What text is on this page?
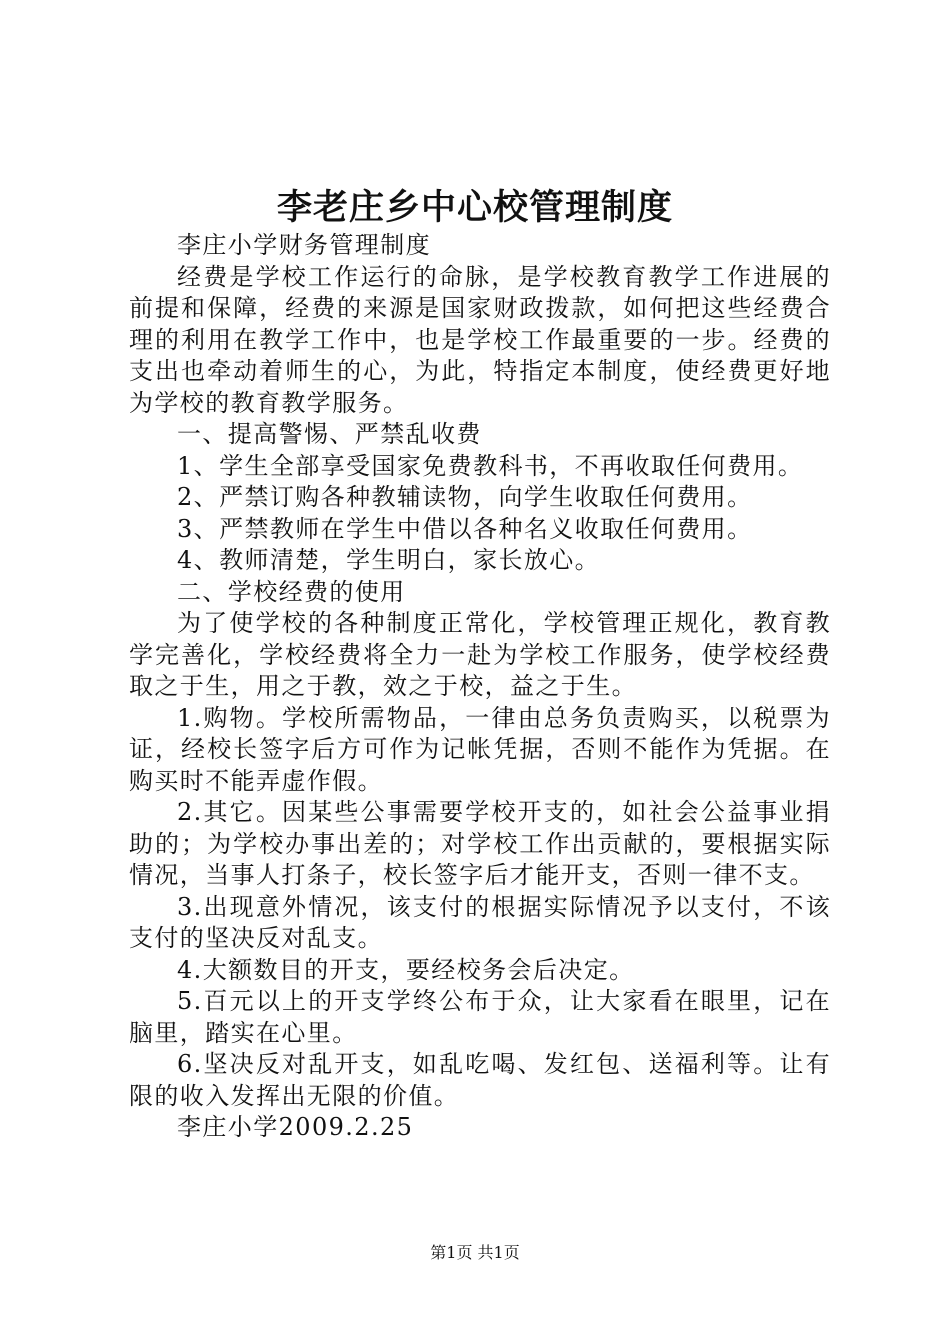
李老庄乡中心校管理制度

李庄小学财务管理制度

经费是学校工作运行的命脉，是学校教育教学工作进展的前提和保障，经费的来源是国家财政拨款，如何把这些经费合理的利用在教学工作中，也是学校工作最重要的一步。经费的支出也牵动着师生的心，为此，特指定本制度，使经费更好地为学校的教育教学服务。

一、提高警惕、严禁乱收费

1、学生全部享受国家免费教科书，不再收取任何费用。

2、严禁订购各种教辅读物，向学生收取任何费用。

3、严禁教师在学生中借以各种名义收取任何费用。

4、教师清楚，学生明白，家长放心。

二、学校经费的使用

为了使学校的各种制度正常化，学校管理正规化，教育教学完善化，学校经费将全力一赴为学校工作服务，使学校经费取之于生，用之于教，效之于校，益之于生。

1.购物。学校所需物品，一律由总务负责购买，以税票为证，经校长签字后方可作为记帐凭据，否则不能作为凭据。在购买时不能弄虚作假。

2.其它。因某些公事需要学校开支的，如社会公益事业捐助的；为学校办事出差的；对学校工作出贡献的，要根据实际情况，当事人打条子，校长签字后才能开支，否则一律不支。

3.出现意外情况，该支付的根据实际情况予以支付，不该支付的坚决反对乱支。

4.大额数目的开支，要经校务会后决定。

5.百元以上的开支学终公布于众，让大家看在眼里，记在脑里，踏实在心里。

6.坚决反对乱开支，如乱吃喝、发红包、送福利等。让有限的收入发挥出无限的价值。

李庄小学2009.2.25

第1页 共1页
